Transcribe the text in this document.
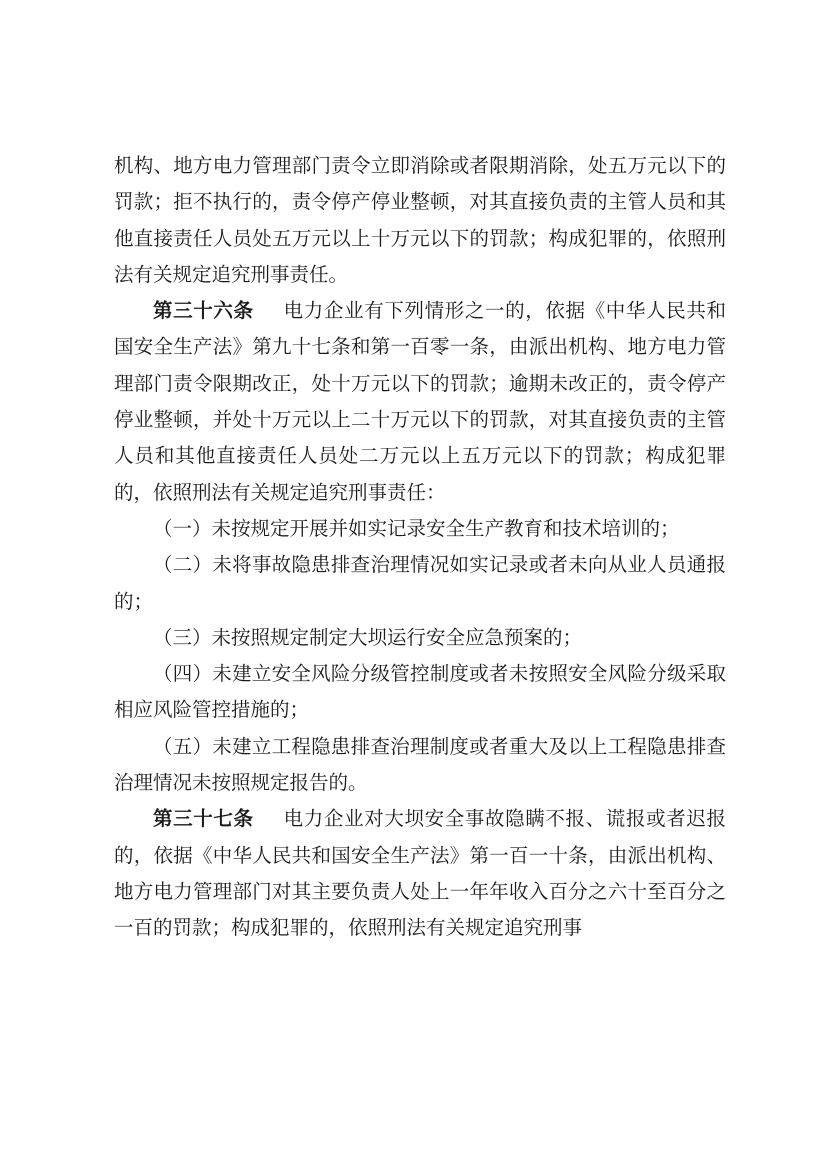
机构、地方电力管理部门责令立即消除或者限期消除，处五万元以下的罚款；拒不执行的，责令停产停业整顿，对其直接负责的主管人员和其他直接责任人员处五万元以上十万元以下的罚款；构成犯罪的，依照刑法有关规定追究刑事责任。

第三十六条 电力企业有下列情形之一的，依据《中华人民共和国安全生产法》第九十七条和第一百零一条，由派出机构、地方电力管理部门责令限期改正，处十万元以下的罚款；逾期未改正的，责令停产停业整顿，并处十万元以上二十万元以下的罚款，对其直接负责的主管人员和其他直接责任人员处二万元以上五万元以下的罚款；构成犯罪的，依照刑法有关规定追究刑事责任：

（一）未按规定开展并如实记录安全生产教育和技术培训的；

（二）未将事故隐患排查治理情况如实记录或者未向从业人员通报的；

（三）未按照规定制定大坝运行安全应急预案的；

（四）未建立安全风险分级管控制度或者未按照安全风险分级采取相应风险管控措施的；

（五）未建立工程隐患排查治理制度或者重大及以上工程隐患排查治理情况未按照规定报告的。

第三十七条 电力企业对大坝安全事故隐瞒不报、谎报或者迟报的，依据《中华人民共和国安全生产法》第一百一十条，由派出机构、地方电力管理部门对其主要负责人处上一年年收入百分之六十至百分之一百的罚款；构成犯罪的，依照刑法有关规定追究刑事
